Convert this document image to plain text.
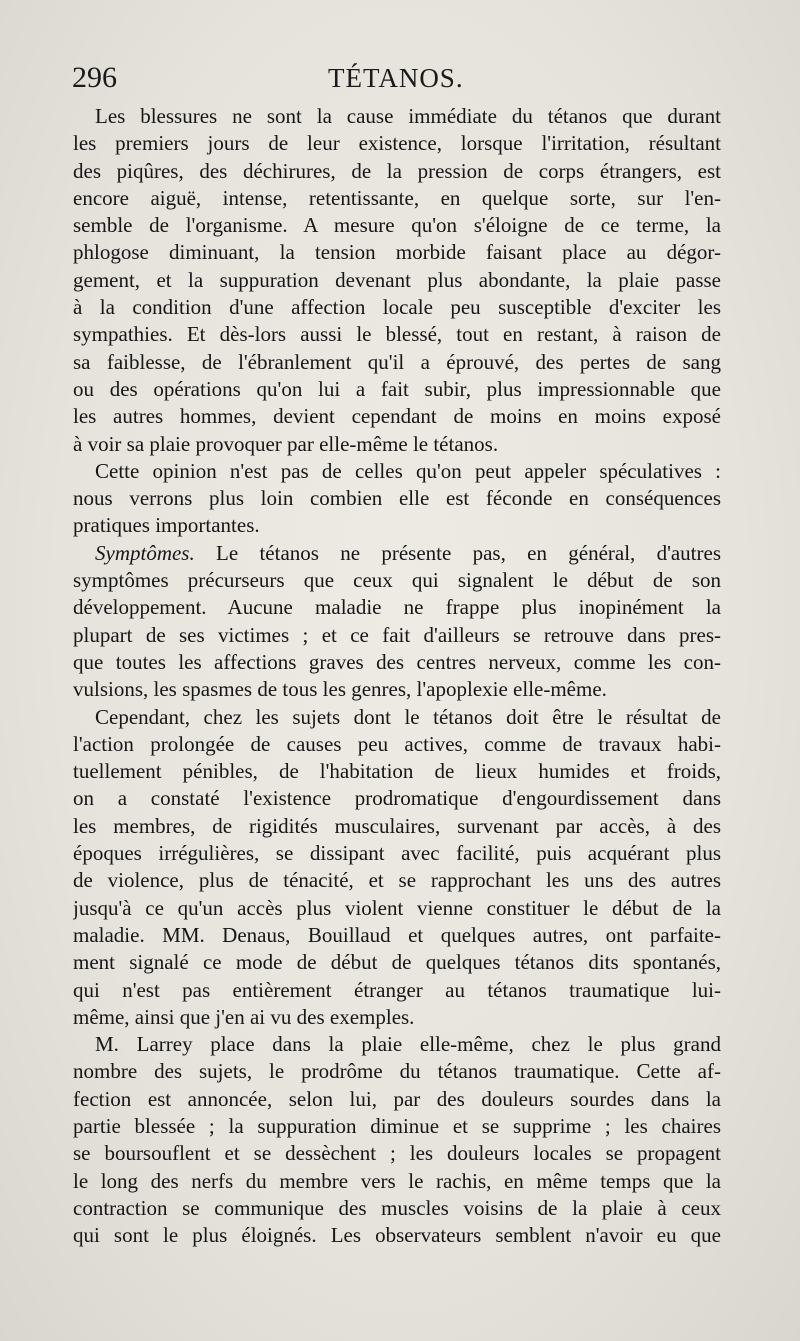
296	TÉTANOS.
Les blessures ne sont la cause immédiate du tétanos que durant
les premiers jours de leur existence, lorsque l'irritation, résultant
des piqûres, des déchirures, de la pression de corps étrangers, est
encore aiguë, intense, retentissante, en quelque sorte, sur l'en-
semble de l'organisme. A mesure qu'on s'éloigne de ce terme, la
phlogose diminuant, la tension morbide faisant place au dégor-
gement, et la suppuration devenant plus abondante, la plaie passe
à la condition d'une affection locale peu susceptible d'exciter les
sympathies. Et dès-lors aussi le blessé, tout en restant, à raison de
sa faiblesse, de l'ébranlement qu'il a éprouvé, des pertes de sang
ou des opérations qu'on lui a fait subir, plus impressionnable que
les autres hommes, devient cependant de moins en moins exposé
à voir sa plaie provoquer par elle-même le tétanos.
Cette opinion n'est pas de celles qu'on peut appeler spéculatives :
nous verrons plus loin combien elle est féconde en conséquences
pratiques importantes.
Symptômes. Le tétanos ne présente pas, en général, d'autres
symptômes précurseurs que ceux qui signalent le début de son
développement. Aucune maladie ne frappe plus inopinément la
plupart de ses victimes ; et ce fait d'ailleurs se retrouve dans pres-
que toutes les affections graves des centres nerveux, comme les con-
vulsions, les spasmes de tous les genres, l'apoplexie elle-même.
Cependant, chez les sujets dont le tétanos doit être le résultat de
l'action prolongée de causes peu actives, comme de travaux habi-
tuellement pénibles, de l'habitation de lieux humides et froids,
on a constaté l'existence prodromatique d'engourdissement dans
les membres, de rigidités musculaires, survenant par accès, à des
époques irrégulières, se dissipant avec facilité, puis acquérant plus
de violence, plus de ténacité, et se rapprochant les uns des autres
jusqu'à ce qu'un accès plus violent vienne constituer le début de la
maladie. MM. Denaus, Bouillaud et quelques autres, ont parfaite-
ment signalé ce mode de début de quelques tétanos dits spontanés,
qui n'est pas entièrement étranger au tétanos traumatique lui-
même, ainsi que j'en ai vu des exemples.
M. Larrey place dans la plaie elle-même, chez le plus grand
nombre des sujets, le prodrôme du tétanos traumatique. Cette af-
fection est annoncée, selon lui, par des douleurs sourdes dans la
partie blessée ; la suppuration diminue et se supprime ; les chaires
se boursouflent et se dessèchent ; les douleurs locales se propagent
le long des nerfs du membre vers le rachis, en même temps que la
contraction se communique des muscles voisins de la plaie à ceux
qui sont le plus éloignés. Les observateurs semblent n'avoir eu que
